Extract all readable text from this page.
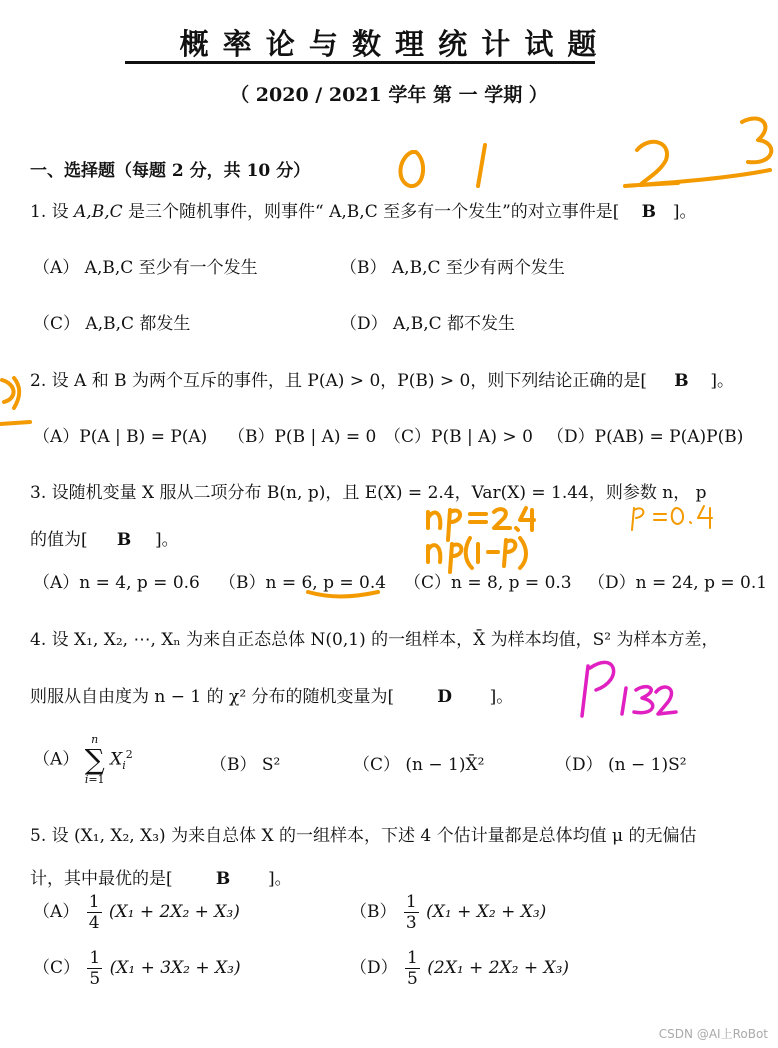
概 率 论 与 数 理 统 计 试 题
（ 2020 / 2021 学年 第 一 学期 ）
一、选择题（每题 2 分，共 10 分）
1. 设 A,B,C 是三个随机事件，则事件“ A,B,C 至多有一个发生”的对立事件是[ B ]。
（A） A,B,C 至少有一个发生	（B） A,B,C 至少有两个发生
（C） A,B,C 都发生	（D） A,B,C 都不发生
2. 设 A 和 B 为两个互斥的事件，且 P(A) > 0，P(B) > 0，则下列结论正确的是[ B ]。
（A）P(A | B) = P(A) （B）P(B | A) = 0 （C）P(B | A) > 0 （D）P(AB) = P(A)P(B)
3. 设随机变量 X 服从二项分布 B(n, p)，且 E(X) = 2.4，Var(X) = 1.44，则参数 n， p
的值为[ B ]。
（A）n = 4, p = 0.6 （B）n = 6, p = 0.4 （C）n = 8, p = 0.3 （D）n = 24, p = 0.1
4. 设 X₁, X₂, ⋯, Xₙ 为来自正态总体 N(0,1) 的一组样本，X̄ 为样本均值，S² 为样本方差，
则服从自由度为 n − 1 的 χ² 分布的随机变量为[	D ]。
（A） n
∑
i=1 $X_i^2$
（B） S²	（C） (n − 1)X̄²	（D） (n − 1)S²
5. 设 (X₁, X₂, X₃) 为来自总体 X 的一组样本，下述 4 个估计量都是总体均值 μ 的无偏估
计，其中最优的是[	B ]。
$(A) \frac{1}{4} (X_1 + 2X_2 + X_3)$	$(B) \frac{1}{3} (X_1 + X_2 + X_3)$
$(C) \frac{1}{5} (X_1 + 3X_2 + X_3)$	$(D) \frac{1}{5} (2X_1 + 2X_2 + X_3)$
CSDN @AI上RoBot
